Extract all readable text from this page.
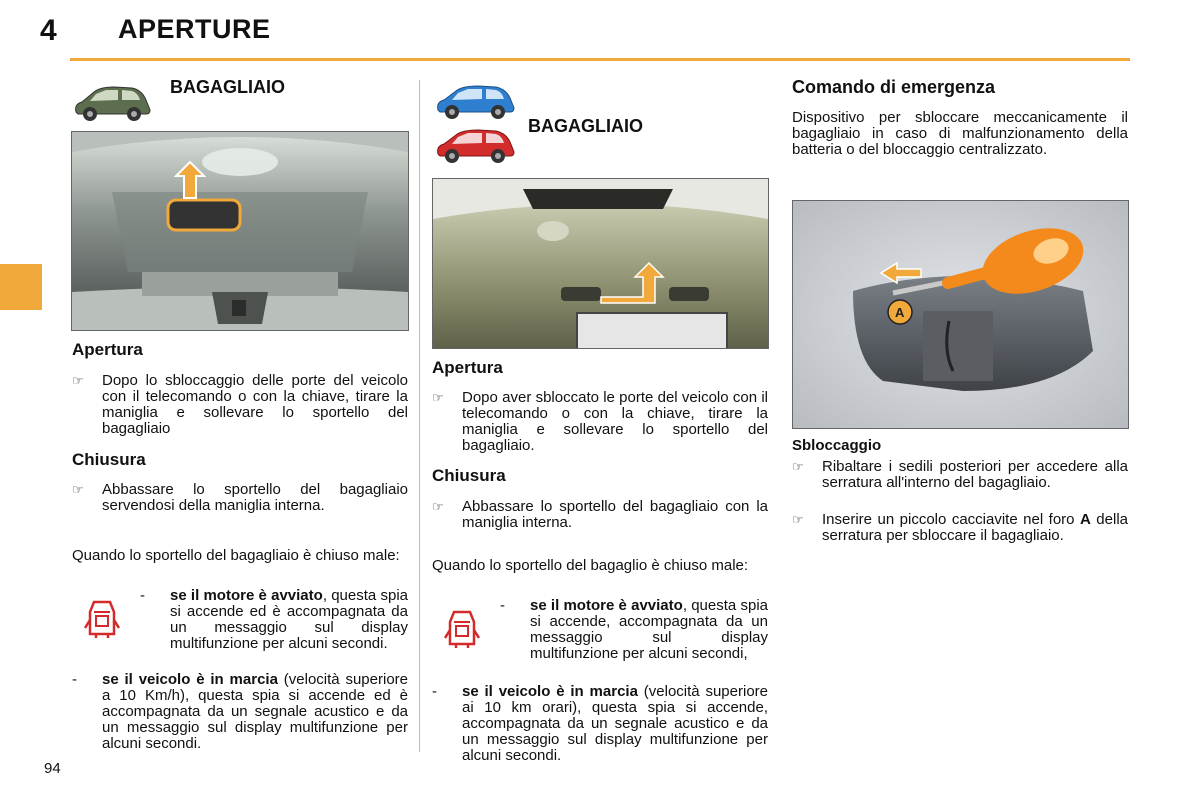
4 APERTURE
BAGAGLIAIO
Apertura
☞	Dopo lo sbloccaggio delle porte del veicolo con il telecomando o con la chiave, tirare la maniglia e sollevare lo sportello del bagagliaio
Chiusura
☞	Abbassare lo sportello del bagagliaio servendosi della maniglia interna.
Quando lo sportello del bagagliaio è chiuso male:
-	se il motore è avviato, questa spia si accende ed è accompagnata da un messaggio sul display multifunzione per alcuni secondi.
-	se il veicolo è in marcia (velocità superiore a 10 Km/h), questa spia si accende ed è accompagnata da un segnale acustico e da un messaggio sul display multifunzione per alcuni secondi.
BAGAGLIAIO
Apertura
☞	Dopo aver sbloccato le porte del veicolo con il telecomando o con la chiave, tirare la maniglia e sollevare lo sportello del bagagliaio.
Chiusura
☞	Abbassare lo sportello del bagagliaio con la maniglia interna.
Quando lo sportello del bagaglio è chiuso male:
-	se il motore è avviato, questa spia si accende, accompagnata da un messaggio sul display multifunzione per alcuni secondi,
-	se il veicolo è in marcia (velocità superiore ai 10 km orari), questa spia si accende, accompagnata da un segnale acustico e da un messaggio sul display multifunzione per alcuni secondi.
Comando di emergenza
Dispositivo per sbloccare meccanicamente il bagagliaio in caso di malfunzionamento della batteria o del bloccaggio centralizzato.
A
Sbloccaggio
☞	Ribaltare i sedili posteriori per accedere alla serratura all'interno del bagagliaio.
☞	Inserire un piccolo cacciavite nel foro A della serratura per sbloccare il bagagliaio.
94
